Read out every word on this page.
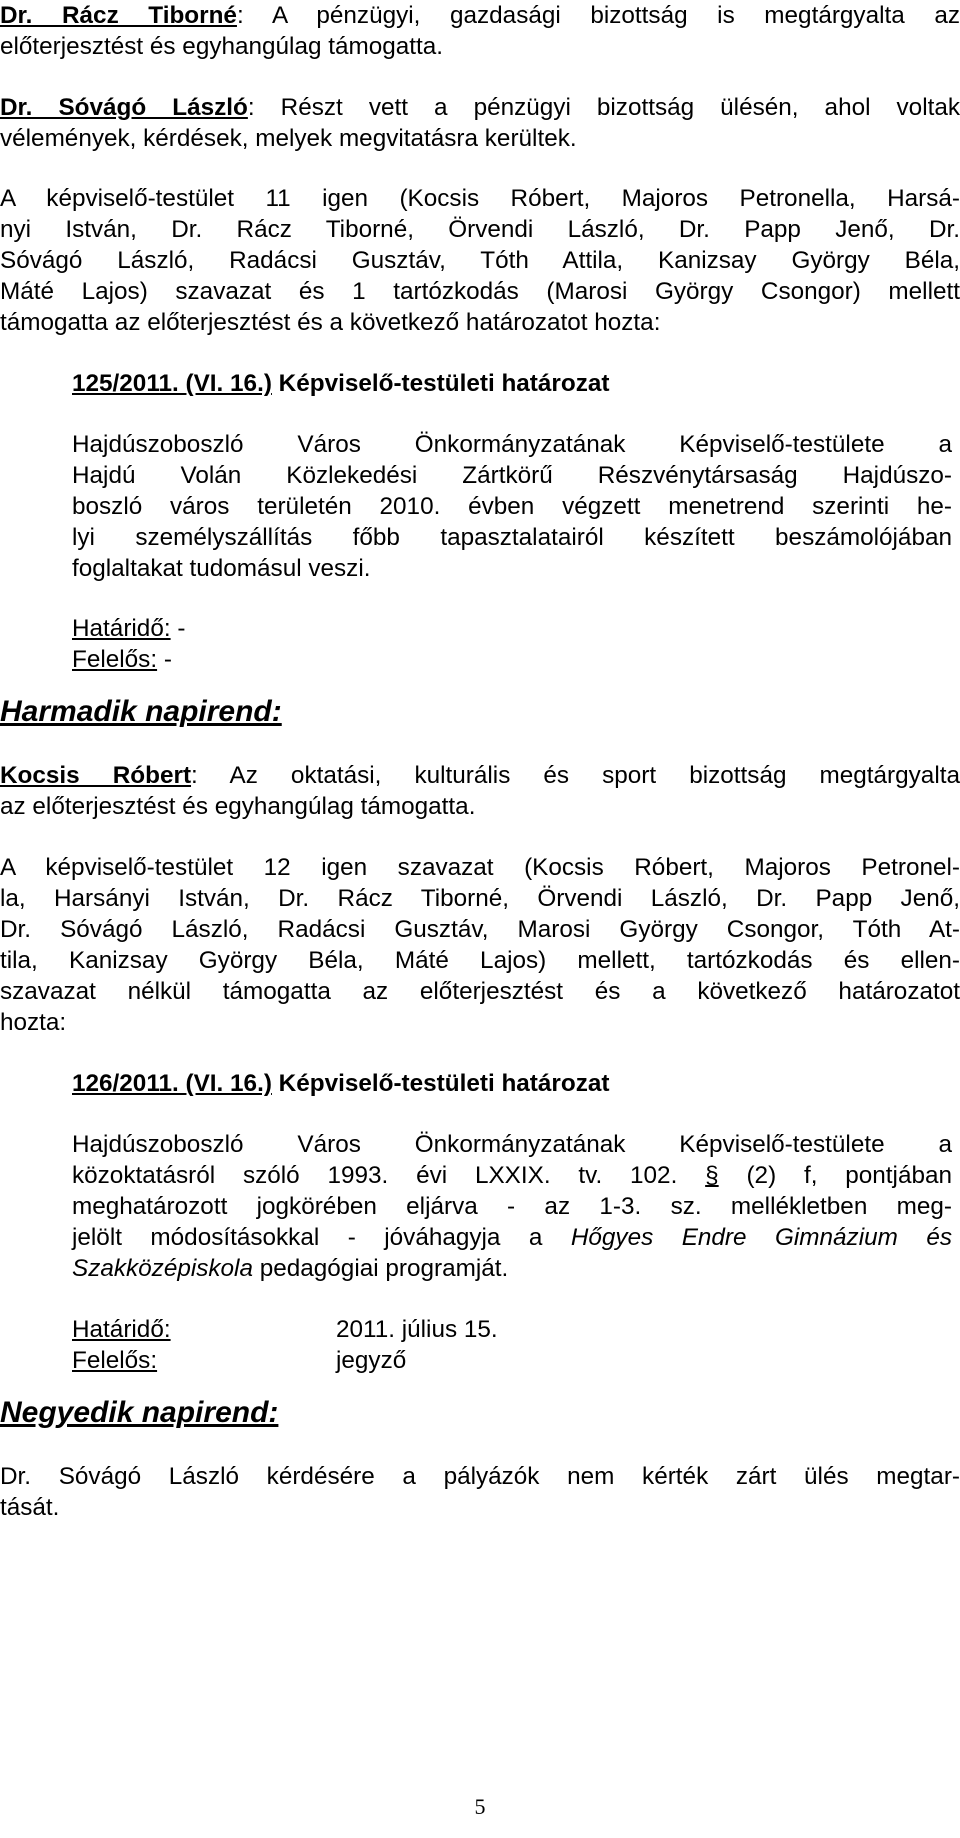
Dr. Rácz Tiborné: A pénzügyi, gazdasági bizottság is megtárgyalta az
előterjesztést és egyhangúlag támogatta.
Dr. Sóvágó László: Részt vett a pénzügyi bizottság ülésén, ahol voltak
vélemények, kérdések, melyek megvitatásra kerültek.
A képviselő-testület 11 igen (Kocsis Róbert, Majoros Petronella, Harsá-
nyi István, Dr. Rácz Tiborné, Örvendi László, Dr. Papp Jenő, Dr.
Sóvágó László, Radácsi Gusztáv, Tóth Attila, Kanizsay György Béla,
Máté Lajos) szavazat és 1 tartózkodás (Marosi György Csongor) mellett
támogatta az előterjesztést és a következő határozatot hozta:
125/2011. (VI. 16.) Képviselő-testületi határozat
Hajdúszoboszló Város Önkormányzatának Képviselő-testülete a
Hajdú Volán Közlekedési Zártkörű Részvénytársaság Hajdúszo-
boszló város területén 2010. évben végzett menetrend szerinti he-
lyi személyszállítás főbb tapasztalatairól készített beszámolójában
foglaltakat tudomásul veszi.
Határidő: -
Felelős: -
Harmadik napirend:
Kocsis Róbert: Az oktatási, kulturális és sport bizottság megtárgyalta
az előterjesztést és egyhangúlag támogatta.
A képviselő-testület 12 igen szavazat (Kocsis Róbert, Majoros Petronel-
la, Harsányi István, Dr. Rácz Tiborné, Örvendi László, Dr. Papp Jenő,
Dr. Sóvágó László, Radácsi Gusztáv, Marosi György Csongor, Tóth At-
tila, Kanizsay György Béla, Máté Lajos) mellett, tartózkodás és ellen-
szavazat nélkül támogatta az előterjesztést és a következő határozatot
hozta:
126/2011. (VI. 16.) Képviselő-testületi határozat
Hajdúszoboszló Város Önkormányzatának Képviselő-testülete a
közoktatásról szóló 1993. évi LXXIX. tv. 102. § (2) f, pontjában
meghatározott jogkörében eljárva - az 1-3. sz. mellékletben meg-
jelölt módosításokkal - jóváhagyja a Hőgyes Endre Gimnázium és
Szakközépiskola pedagógiai programját.
Határidő:	2011. július 15.
Felelős:	jegyző
Negyedik napirend:
Dr. Sóvágó László kérdésére a pályázók nem kérték zárt ülés megtar-
tását.
5
